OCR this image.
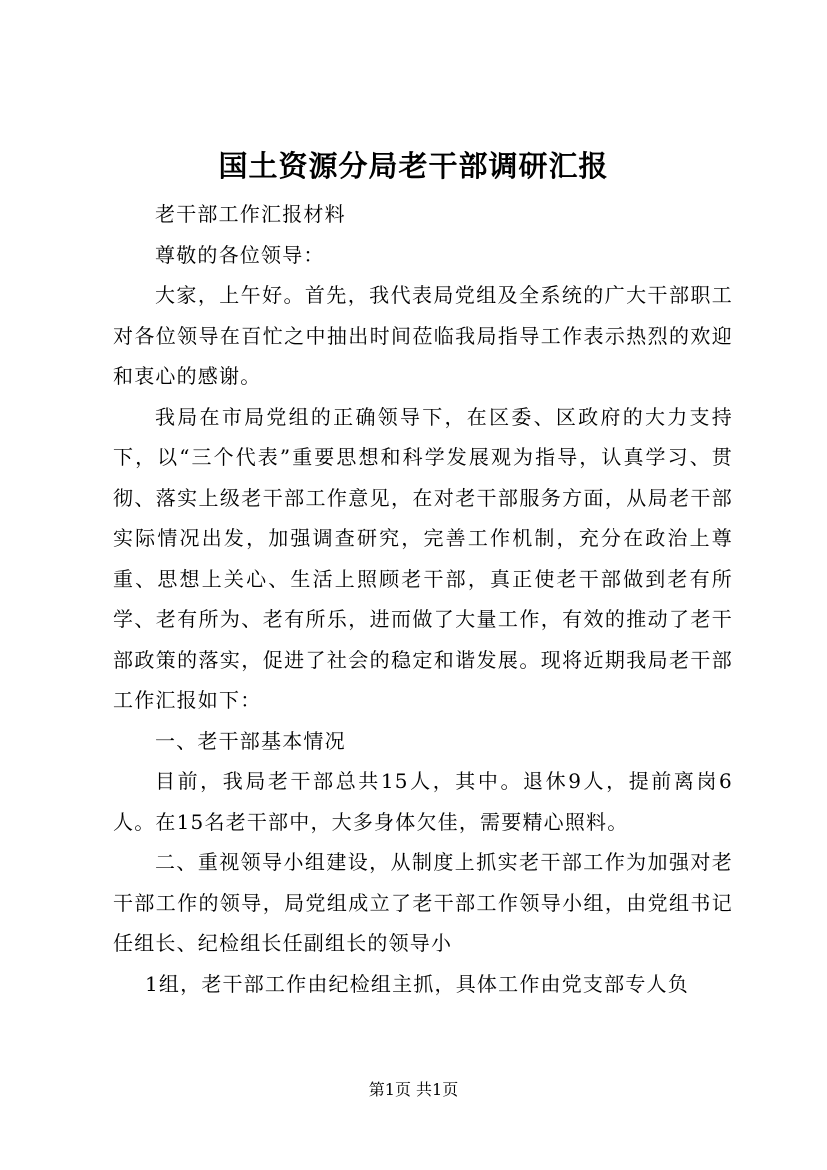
国土资源分局老干部调研汇报

老干部工作汇报材料

尊敬的各位领导：

大家，上午好。首先，我代表局党组及全系统的广大干部职工对各位领导在百忙之中抽出时间莅临我局指导工作表示热烈的欢迎和衷心的感谢。

我局在市局党组的正确领导下，在区委、区政府的大力支持下，以“三个代表”重要思想和科学发展观为指导，认真学习、贯彻、落实上级老干部工作意见，在对老干部服务方面，从局老干部实际情况出发，加强调查研究，完善工作机制，充分在政治上尊重、思想上关心、生活上照顾老干部，真正使老干部做到老有所学、老有所为、老有所乐，进而做了大量工作，有效的推动了老干部政策的落实，促进了社会的稳定和谐发展。现将近期我局老干部工作汇报如下：

一、老干部基本情况

目前，我局老干部总共15人，其中。退休9人，提前离岗6人。在15名老干部中，大多身体欠佳，需要精心照料。

二、重视领导小组建设，从制度上抓实老干部工作为加强对老干部工作的领导，局党组成立了老干部工作领导小组，由党组书记任组长、纪检组长任副组长的领导小

1组，老干部工作由纪检组主抓，具体工作由党支部专人负

第1页 共1页
